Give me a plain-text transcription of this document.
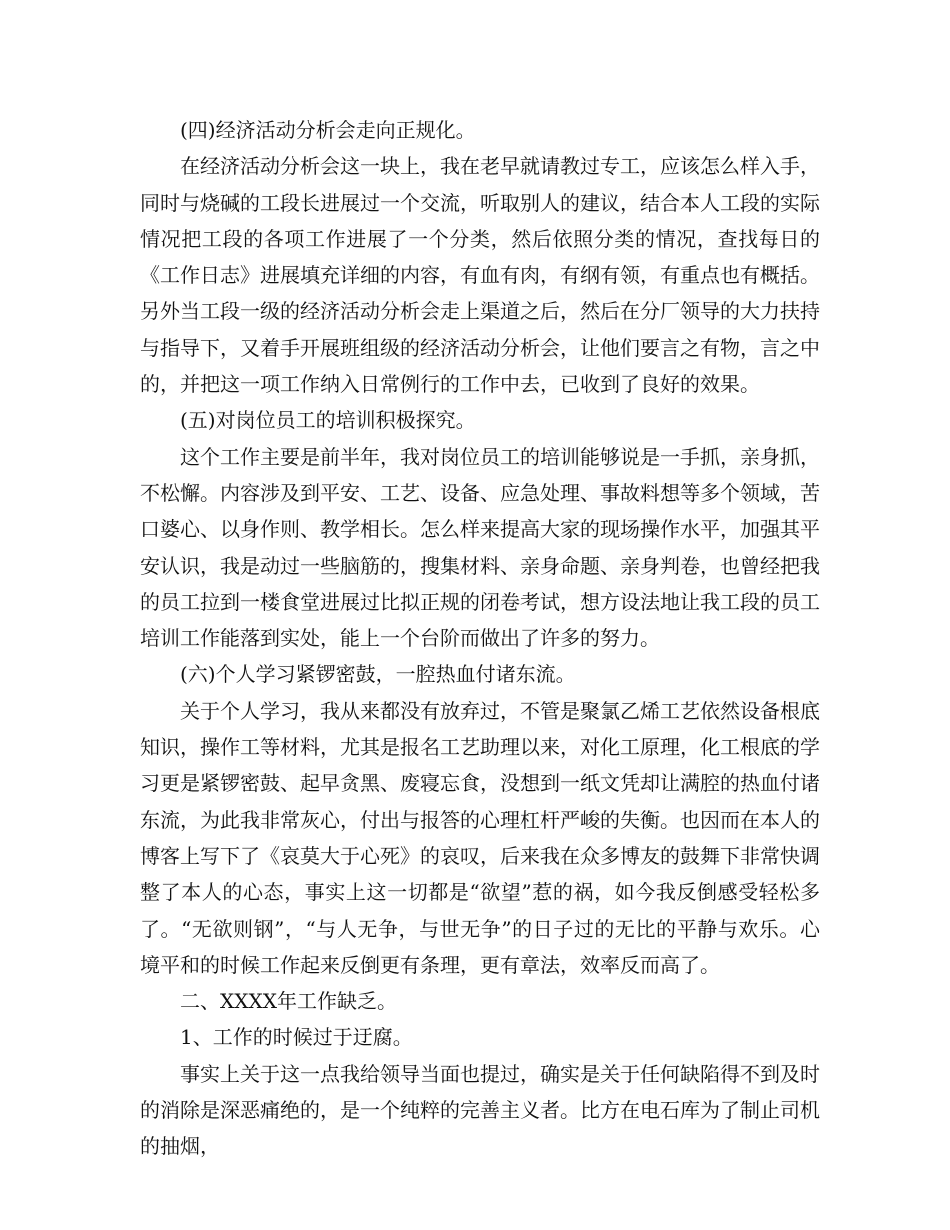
(四)经济活动分析会走向正规化。

在经济活动分析会这一块上，我在老早就请教过专工，应该怎么样入手，同时与烧碱的工段长进展过一个交流，听取别人的建议，结合本人工段的实际情况把工段的各项工作进展了一个分类，然后依照分类的情况，查找每日的《工作日志》进展填充详细的内容，有血有肉，有纲有领，有重点也有概括。另外当工段一级的经济活动分析会走上渠道之后，然后在分厂领导的大力扶持与指导下，又着手开展班组级的经济活动分析会，让他们要言之有物，言之中的，并把这一项工作纳入日常例行的工作中去，已收到了良好的效果。

(五)对岗位员工的培训积极探究。

这个工作主要是前半年，我对岗位员工的培训能够说是一手抓，亲身抓，不松懈。内容涉及到平安、工艺、设备、应急处理、事故料想等多个领域，苦口婆心、以身作则、教学相长。怎么样来提高大家的现场操作水平，加强其平安认识，我是动过一些脑筋的，搜集材料、亲身命题、亲身判卷，也曾经把我的员工拉到一楼食堂进展过比拟正规的闭卷考试，想方设法地让我工段的员工培训工作能落到实处，能上一个台阶而做出了许多的努力。

(六)个人学习紧锣密鼓，一腔热血付诸东流。

关于个人学习，我从来都没有放弃过，不管是聚氯乙烯工艺依然设备根底知识，操作工等材料，尤其是报名工艺助理以来，对化工原理，化工根底的学习更是紧锣密鼓、起早贪黑、废寝忘食，没想到一纸文凭却让满腔的热血付诸东流，为此我非常灰心，付出与报答的心理杠杆严峻的失衡。也因而在本人的博客上写下了《哀莫大于心死》的哀叹，后来我在众多博友的鼓舞下非常快调整了本人的心态，事实上这一切都是“欲望”惹的祸，如今我反倒感受轻松多了。“无欲则钢”，“与人无争，与世无争”的日子过的无比的平静与欢乐。心境平和的时候工作起来反倒更有条理，更有章法，效率反而高了。

二、XXXX年工作缺乏。

1、工作的时候过于迂腐。

事实上关于这一点我给领导当面也提过，确实是关于任何缺陷得不到及时的消除是深恶痛绝的，是一个纯粹的完善主义者。比方在电石库为了制止司机的抽烟，
